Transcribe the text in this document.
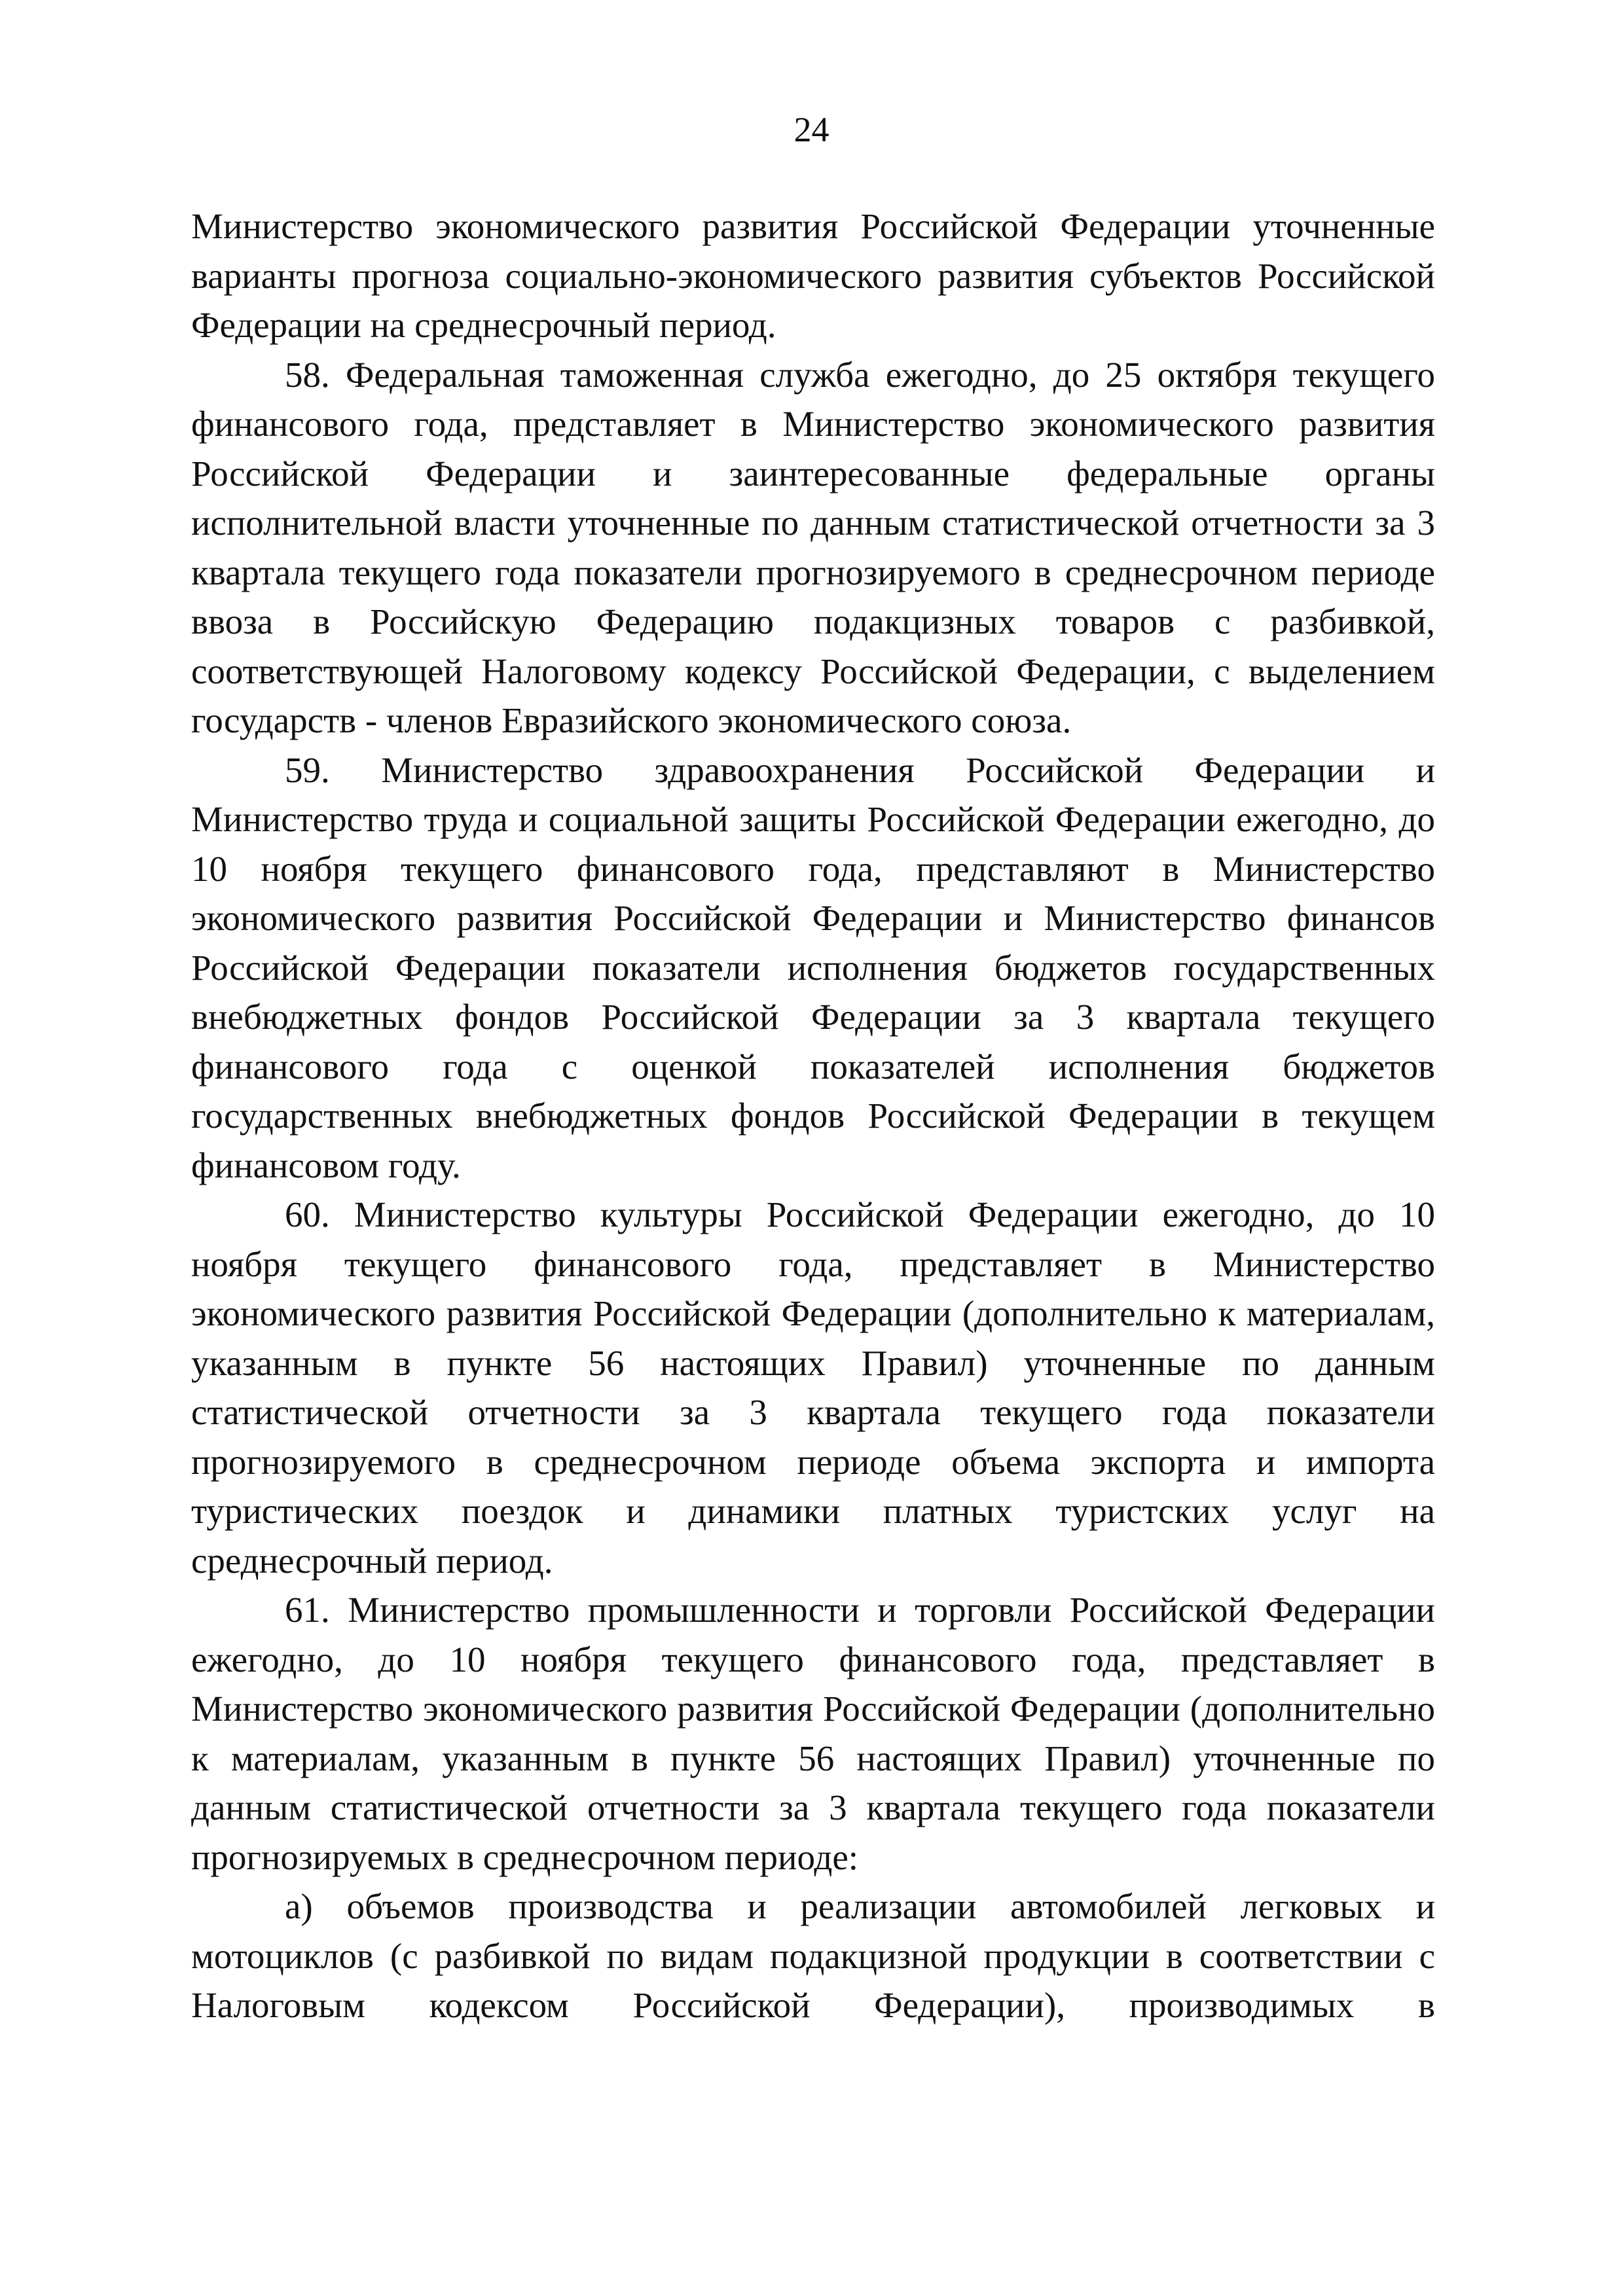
24

Министерство экономического развития Российской Федерации уточненные варианты прогноза социально-экономического развития субъектов Российской Федерации на среднесрочный период.

58. Федеральная таможенная служба ежегодно, до 25 октября текущего финансового года, представляет в Министерство экономического развития Российской Федерации и заинтересованные федеральные органы исполнительной власти уточненные по данным статистической отчетности за 3 квартала текущего года показатели прогнозируемого в среднесрочном периоде ввоза в Российскую Федерацию подакцизных товаров с разбивкой, соответствующей Налоговому кодексу Российской Федерации, с выделением государств - членов Евразийского экономического союза.

59. Министерство здравоохранения Российской Федерации и Министерство труда и социальной защиты Российской Федерации ежегодно, до 10 ноября текущего финансового года, представляют в Министерство экономического развития Российской Федерации и Министерство финансов Российской Федерации показатели исполнения бюджетов государственных внебюджетных фондов Российской Федерации за 3 квартала текущего финансового года с оценкой показателей исполнения бюджетов государственных внебюджетных фондов Российской Федерации в текущем финансовом году.

60. Министерство культуры Российской Федерации ежегодно, до 10 ноября текущего финансового года, представляет в Министерство экономического развития Российской Федерации (дополнительно к материалам, указанным в пункте 56 настоящих Правил) уточненные по данным статистической отчетности за 3 квартала текущего года показатели прогнозируемого в среднесрочном периоде объема экспорта и импорта туристических поездок и динамики платных туристских услуг на среднесрочный период.

61. Министерство промышленности и торговли Российской Федерации ежегодно, до 10 ноября текущего финансового года, представляет в Министерство экономического развития Российской Федерации (дополнительно к материалам, указанным в пункте 56 настоящих Правил) уточненные по данным статистической отчетности за 3 квартала текущего года показатели прогнозируемых в среднесрочном периоде:

а) объемов производства и реализации автомобилей легковых и мотоциклов (с разбивкой по видам подакцизной продукции в соответствии с Налоговым кодексом Российской Федерации), производимых в
